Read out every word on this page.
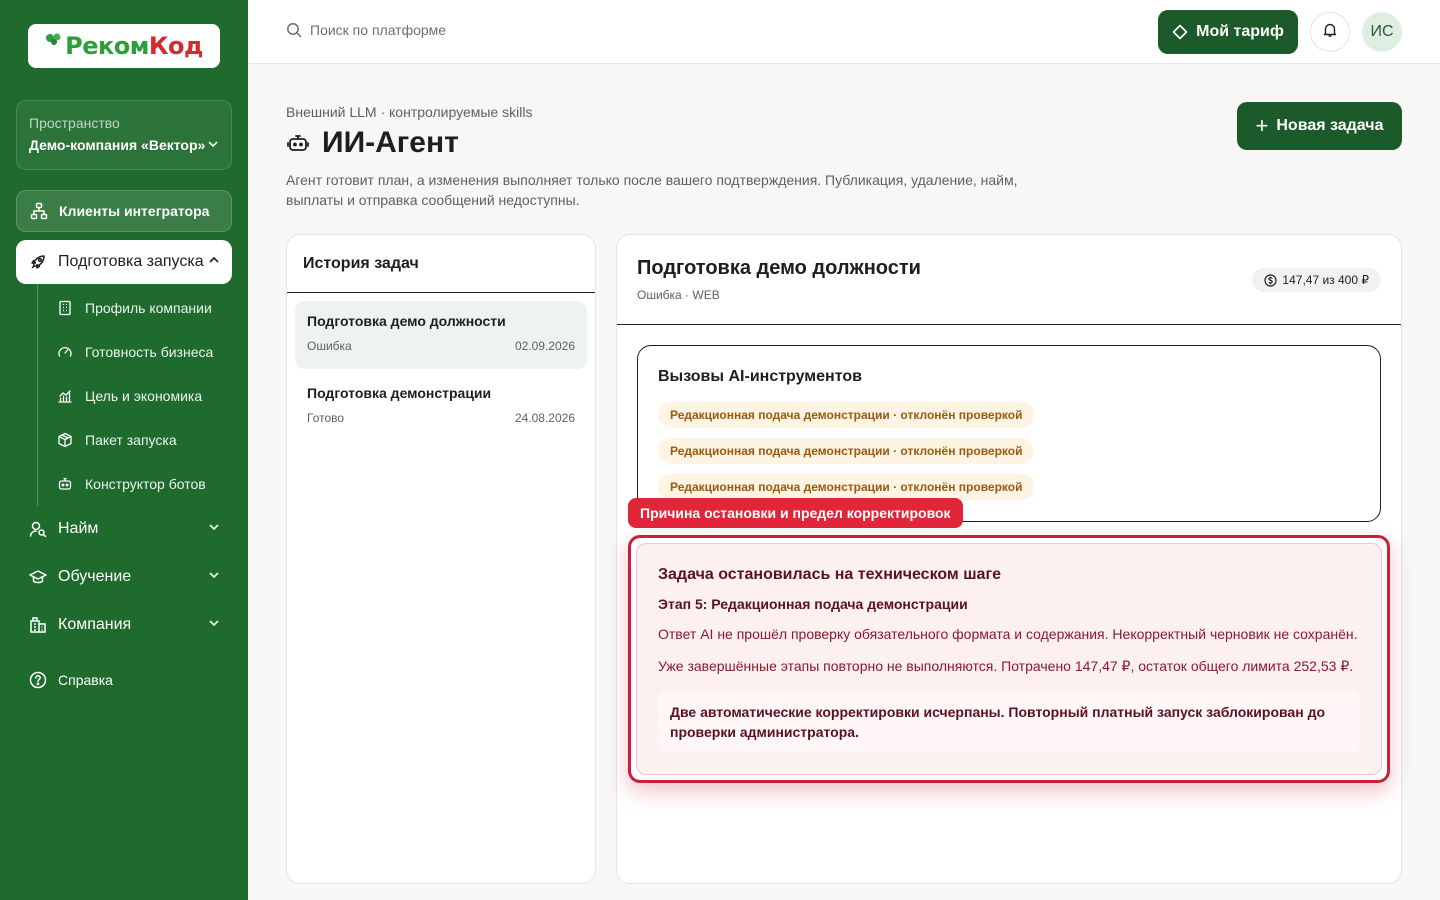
РекомКод
Пространство
Демо-компания «Вектор»
Клиенты интегратора
Подготовка запуска
Профиль компании
Готовность бизнеса
Цель и экономика
Пакет запуска
Конструктор ботов
Найм
Обучение
Компания
Справка
Поиск по платформе	Мой тариф	ИС
Внешний LLM · контролируемые skills
ИИ-Агент
Агент готовит план, а изменения выполняет только после вашего подтверждения. Публикация, удаление, найм, выплаты и отправка сообщений недоступны.
+ Новая задача
История задач
Подготовка демо должности
Ошибка	02.09.2026
Подготовка демонстрации
Готово	24.08.2026
Подготовка демо должности
Ошибка · WEB
147,47 из 400 ₽
Вызовы AI-инструментов
Редакционная подача демонстрации · отклонён проверкой
Редакционная подача демонстрации · отклонён проверкой
Редакционная подача демонстрации · отклонён проверкой
Причина остановки и предел корректировок
Задача остановилась на техническом шаге
Этап 5: Редакционная подача демонстрации
Ответ AI не прошёл проверку обязательного формата и содержания. Некорректный черновик не сохранён.
Уже завершённые этапы повторно не выполняются. Потрачено 147,47 ₽, остаток общего лимита 252,53 ₽.
Две автоматические корректировки исчерпаны. Повторный платный запуск заблокирован до проверки администратора.
